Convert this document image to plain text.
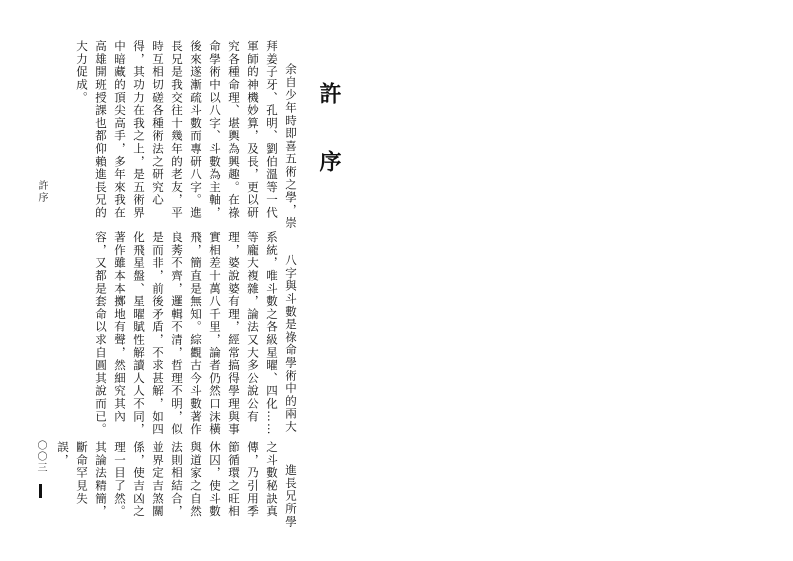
許　序

余自少年時即喜五術之學，崇拜姜子牙、孔明、劉伯溫等一代軍師的神機妙算，及長，更以研究各種命理、堪輿為興趣。在祿命學術中以八字、斗數為主軸，後來遂漸疏斗數而專研八字。進長兄是我交往十幾年的老友，平時互相切磋各種術法之研究心得，其功力在我之上，是五術界中暗藏的頂尖高手，多年來我在高雄開班授課也都仰賴進長兄的大力促成。

八字與斗數是祿命學術中的兩大系統，唯斗數之各級星曜、四化……等龐大複雜，論法又大多公說公有理，婆說婆有理，經常搞得學理與事實相差十萬八千里，論者仍然口沫橫飛，簡直是無知。綜觀古今斗數著作良莠不齊，邏輯不清，哲理不明，似是而非，前後矛盾，不求甚解，如四化飛星盤、星曜賦性解讀人人不同，著作雖本本擲地有聲，然細究其內容，又都是套命以求自圓其說而已。

進長兄所學之斗數秘訣真傳，乃引用季節循環之旺相休囚，使斗數與道家之自然法則相結合，並界定吉煞關係，使吉凶之理一目了然。其論法精簡，斷命罕見失誤，

許序
〇〇三
